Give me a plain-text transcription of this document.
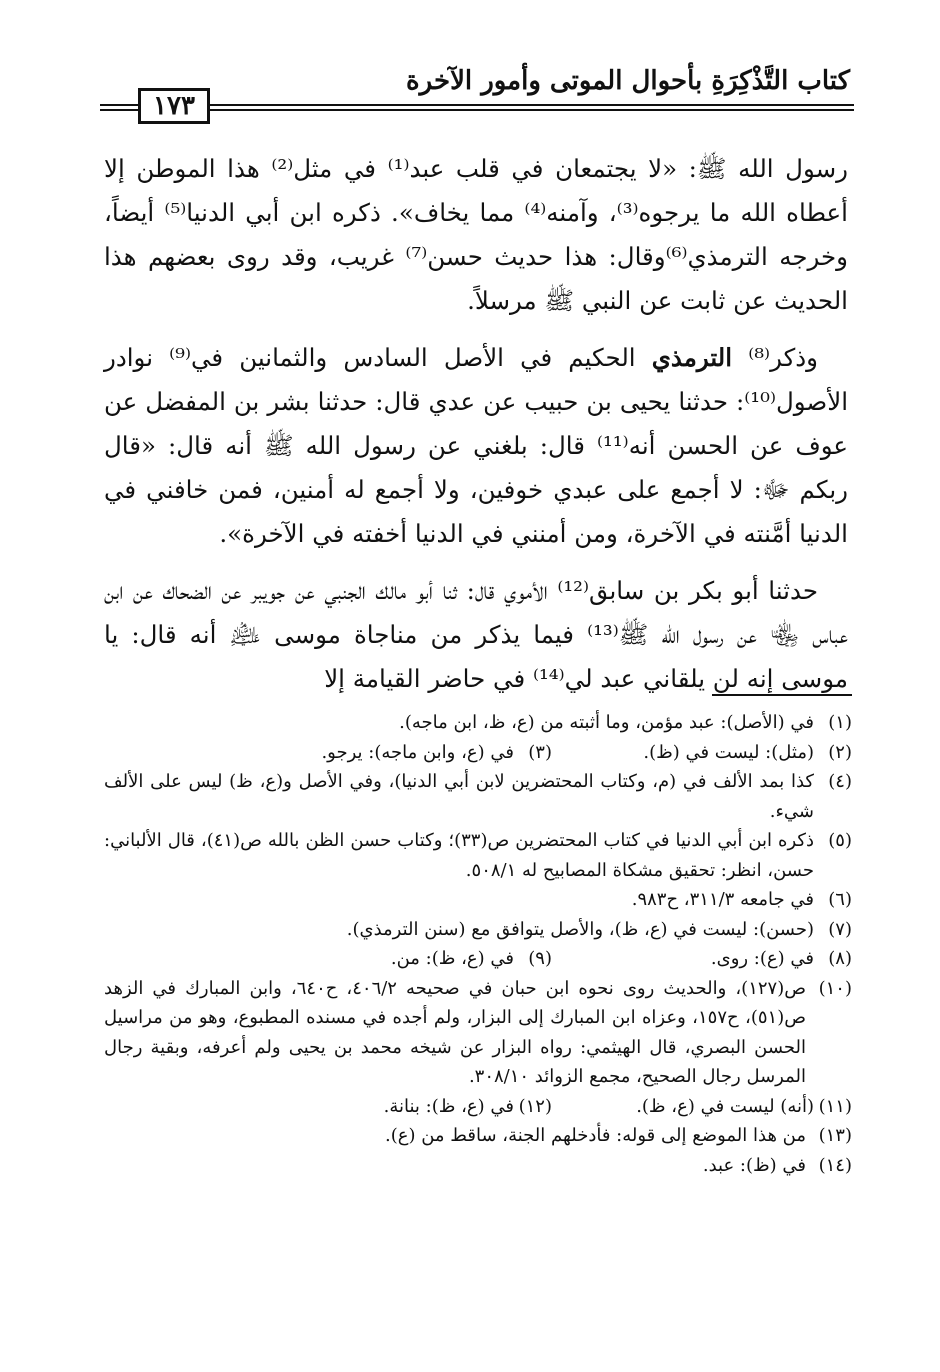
كتاب التَّذْكِرَةِ بأحوال الموتى وأمور الآخرة
١٧٣

رسول الله ﷺ: «لا يجتمعان في قلب عبد⁽¹⁾ في مثل⁽²⁾ هذا الموطن إلا أعطاه الله ما يرجوه⁽³⁾، وآمنه⁽⁴⁾ مما يخاف». ذكره ابن أبي الدنيا⁽⁵⁾ أيضاً، وخرجه الترمذي⁽⁶⁾وقال: هذا حديث حسن⁽⁷⁾ غريب، وقد روى بعضهم هذا الحديث عن ثابت عن النبي ﷺ مرسلاً.

وذكر⁽⁸⁾ الترمذي الحكيم في الأصل السادس والثمانين في⁽⁹⁾ نوادر الأصول⁽¹⁰⁾: حدثنا يحيى بن حبيب عن عدي قال: حدثنا بشر بن المفضل عن عوف عن الحسن أنه⁽¹¹⁾ قال: بلغني عن رسول الله ﷺ أنه قال: «قال ربكم ﷻ: لا أجمع على عبدي خوفين، ولا أجمع له أمنين، فمن خافني في الدنيا أمَّنته في الآخرة، ومن أمنني في الدنيا أخفته في الآخرة».

حدثنا أبو بكر بن سابق⁽¹²⁾ الأموي قال: ثنا أبو مالك الجنبي عن جويبر عن الضحاك عن ابن عباس ﵄ عن رسول الله ﷺ⁽¹³⁾ فيما يذكر من مناجاة موسى ﵇ أنه قال: يا موسى إنه لن يلقاني عبد لي⁽¹⁴⁾ في حاضر القيامة إلا

(١)
في (الأصل): عبد مؤمن، وما أثبته من (ع، ظ، ابن ماجه).
(٢)
(مثل): ليست في (ظ).
(٣)
في (ع، وابن ماجه): يرجو.
(٤)
كذا بمد الألف في (م، وكتاب المحتضرين لابن أبي الدنيا)، وفي الأصل و(ع، ظ) ليس على الألف شيء.
(٥)
ذكره ابن أبي الدنيا في كتاب المحتضرين ص(٣٣)؛ وكتاب حسن الظن بالله ص(٤١)، قال الألباني: حسن، انظر: تحقيق مشكاة المصابيح له ٥٠٨/١.
(٦)
في جامعه ٣١١/٣، ح٩٨٣.
(٧)
(حسن): ليست في (ع، ظ)، والأصل يتوافق مع (سنن الترمذي).
(٨)
في (ع): روى.
(٩)
في (ع، ظ): من.
(١٠)
ص(١٢٧)، والحديث روى نحوه ابن حبان في صحيحه ٤٠٦/٢، ح٦٤٠، وابن المبارك في الزهد ص(٥١)، ح١٥٧، وعزاه ابن المبارك إلى البزار، ولم أجده في مسنده المطبوع، وهو من مراسيل الحسن البصري، قال الهيثمي: رواه البزار عن شيخه محمد بن يحيى ولم أعرفه، وبقية رجال المرسل رجال الصحيح، مجمع الزوائد ٣٠٨/١٠.
(١١)
(أنه) ليست في (ع، ظ).
(١٢)
في (ع، ظ): بنانة.
(١٣)
من هذا الموضع إلى قوله: فأدخلهم الجنة، ساقط من (ع).
(١٤)
في (ظ): عبد.
